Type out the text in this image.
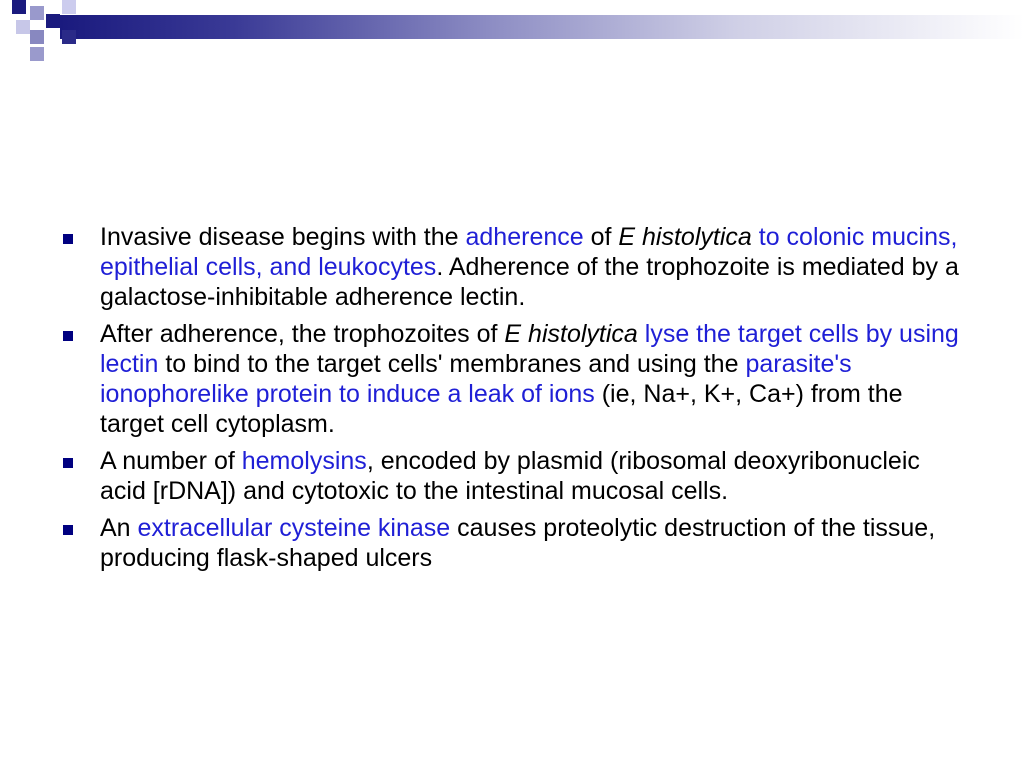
Invasive disease begins with the adherence of E histolytica to colonic mucins, epithelial cells, and leukocytes. Adherence of the trophozoite is mediated by a galactose-inhibitable adherence lectin.
After adherence, the trophozoites of E histolytica lyse the target cells by using lectin to bind to the target cells' membranes and using the parasite's ionophorelike protein to induce a leak of ions (ie, Na+, K+, Ca+) from the target cell cytoplasm.
A number of hemolysins, encoded by plasmid (ribosomal deoxyribonucleic acid [rDNA]) and cytotoxic to the intestinal mucosal cells.
An extracellular cysteine kinase causes proteolytic destruction of the tissue, producing flask-shaped ulcers
